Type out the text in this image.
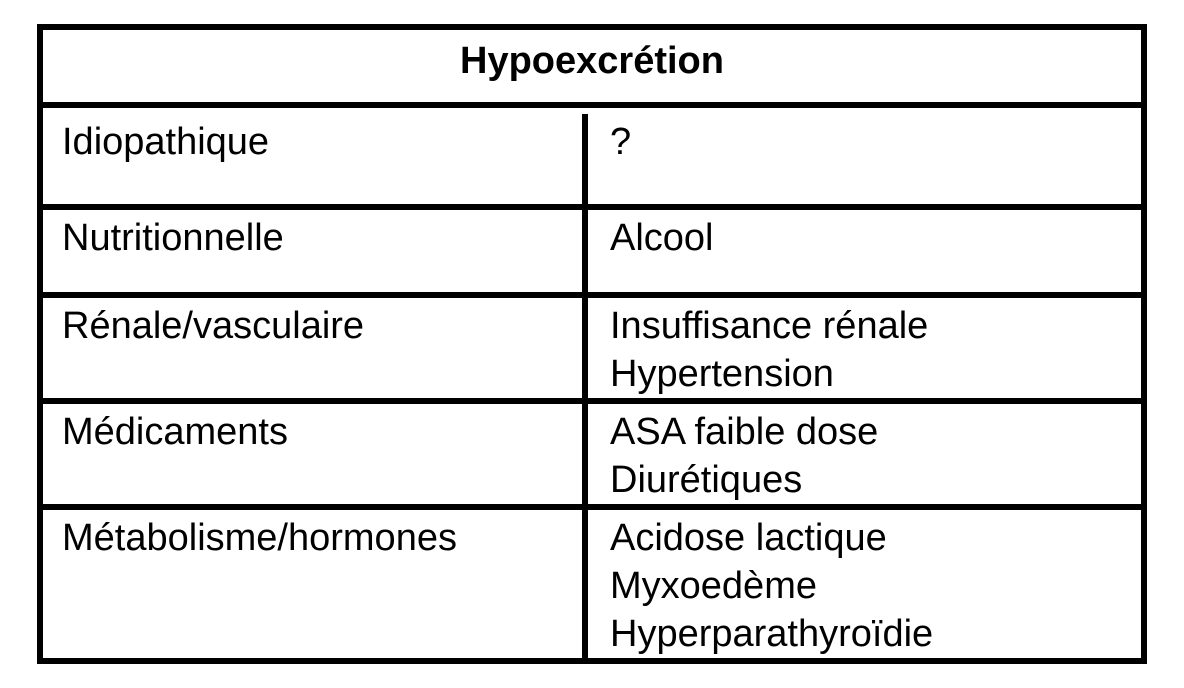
Hypoexcrétion
Idiopathique	?
Nutritionnelle	Alcool
Rénale/vasculaire	Insuffisance rénale
Hypertension
Médicaments	ASA faible dose
Diurétiques
Métabolisme/hormones	Acidose lactique
Myxoedème
Hyperparathyroïdie
